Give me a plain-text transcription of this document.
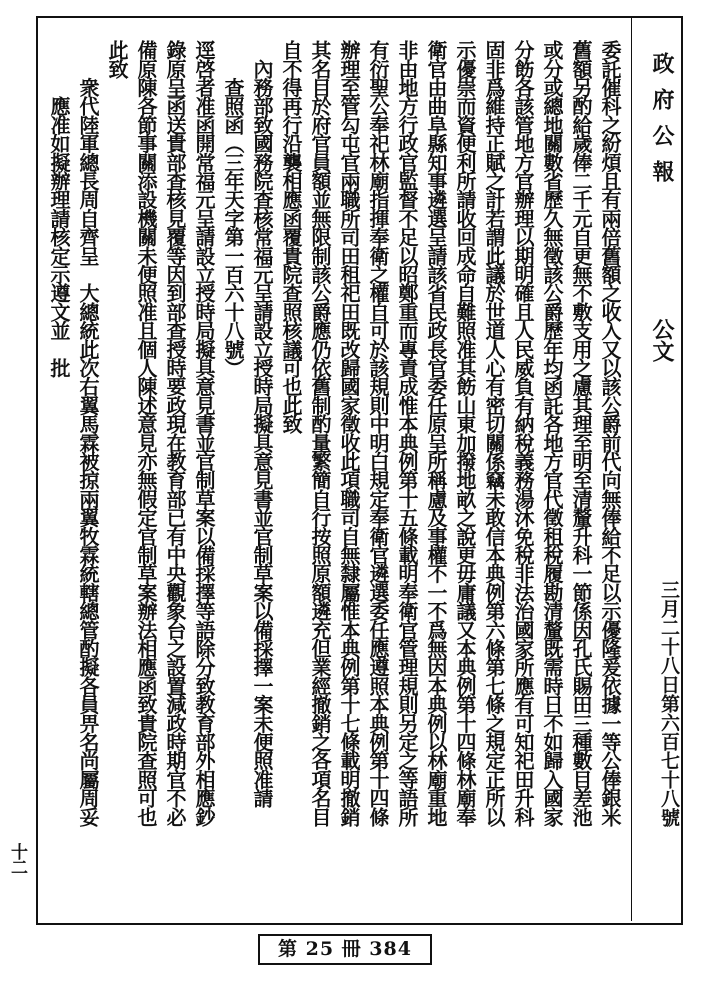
政府公報
公文
三月二十八日第六百七十八號
委託催科之紛煩且有兩倍舊額之收入又以該公爵前代向無俸給不足以示優隆爰依據一等公俸銀米
舊額另酌給歲俸二千元自更無不敷支用之慮其理至明至清釐升科一節係因孔氏賜田三種數目差池
或分或總地關數省歷久無徵該公爵歷年均函託各地方官代徵租稅履勘清釐既需時日不如歸入國家
分飭各該管地方官辦理以期明確且人民威負有納稅義務湯沐免稅非法治國家所應有可知祀田升科
固非爲維持正賦之計若謂此議於世道人心有密切關係竊未敢信本典例第六條第七條之規定正所以
示優崇而資便利所請收回成命自難照准其飭山東加撥地畝之說更毋庸議又本典例第十四條林廟奉
衛官由曲阜縣知事遴選呈請該省民政長官委任原呈所稱慮及事權不一不爲無因本典例以林廟重地
非由地方行政官監督不足以昭鄭重而專責成惟本典例第十五條載明奉衛官管理規則另定之等語所
有衍聖公奉祀林廟指揮奉衛之權自可於該規則中明白規定奉衛官遴選委任應遵照本典例第十四條
辦理至管勾屯官兩職所司田租祀田既改歸國家徵收此項職司自無隸屬惟本典例第十七條載明撤銷
其名目於府官員額並無限制該公爵應仍依舊制酌量繁簡自行按照原額遴充但業經撤銷之各項名目
自不得再行沿襲相應函覆貴院查照核議可也此致
　內務部致國務院查核常福元呈請設立授時局擬具意見書並官制草案以備採擇一案未便照准請
　　查照函（三年天字第一百六十八號）
逕啓者准函開常福元呈請設立授時局擬具意見書並官制草案以備採擇等語除分致教育部外相應鈔
錄原呈函送貴部查核見覆等因到部查授時要政現在教育部已有中央觀象台之設置減政時期官不必
備原陳各節事關添設機關未便照准且個人陳述意見亦無假定官制草案辦法相應函致貴院查照可也
此致
　　衆代陸軍總長周自齊呈　大總統此次右翼馬霖被掠兩翼牧霖統轄總管酌擬各員畀名尚屬周妥
　　　應准如擬辦理請核定示遵文並　批
十二
第 25 冊 384
